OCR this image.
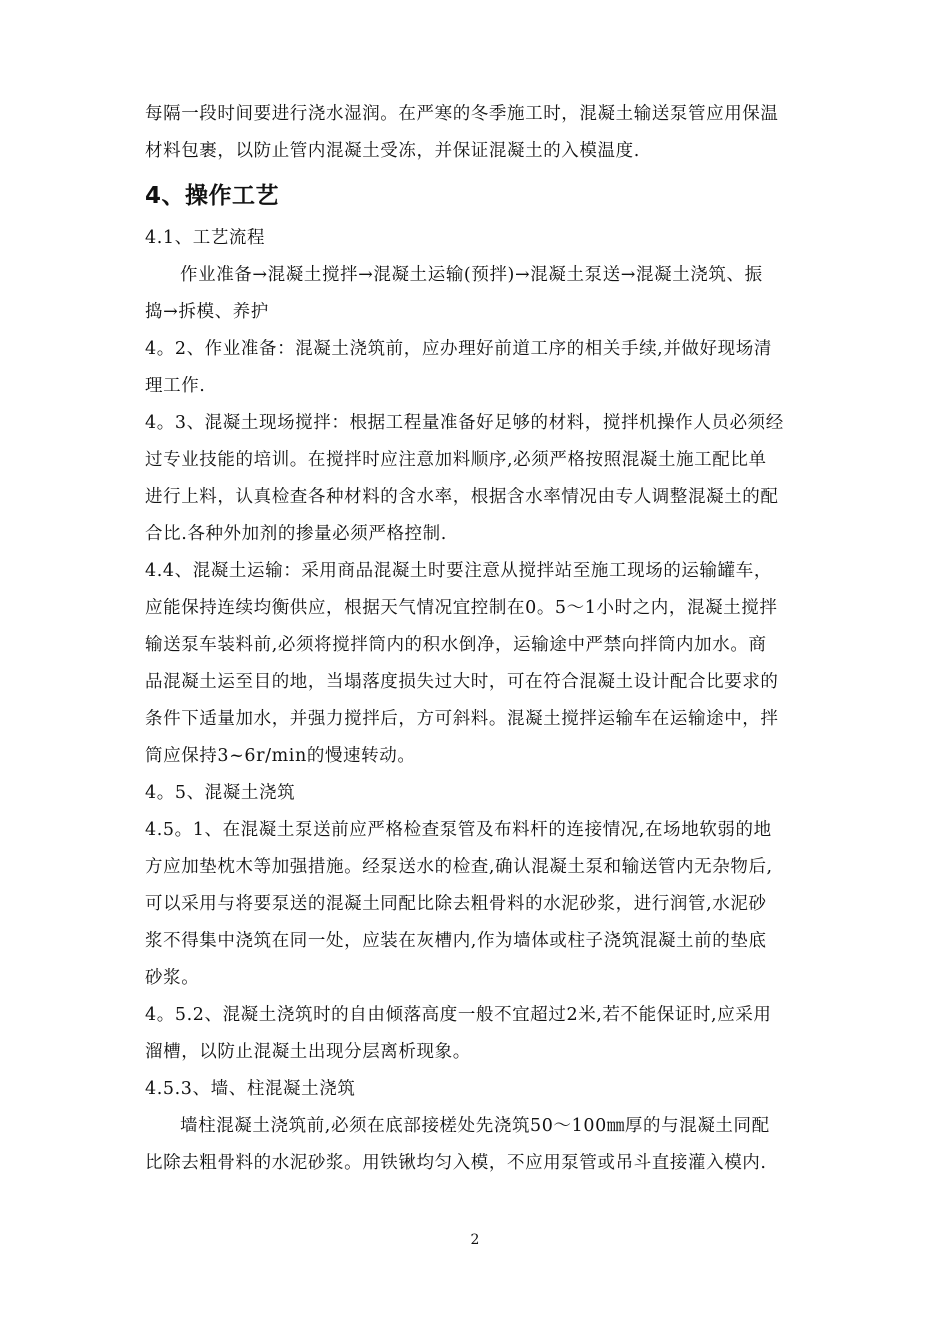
每隔一段时间要进行浇水湿润。在严寒的冬季施工时，混凝土输送泵管应用保温
材料包裹，以防止管内混凝土受冻，并保证混凝土的入模温度.
4、操作工艺
4.1、工艺流程
作业准备→混凝土搅拌→混凝土运输(预拌)→混凝土泵送→混凝土浇筑、振
捣→拆模、养护
4。2、作业准备：混凝土浇筑前，应办理好前道工序的相关手续,并做好现场清
理工作.
4。3、混凝土现场搅拌：根据工程量准备好足够的材料，搅拌机操作人员必须经
过专业技能的培训。在搅拌时应注意加料顺序,必须严格按照混凝土施工配比单
进行上料，认真检查各种材料的含水率，根据含水率情况由专人调整混凝土的配
合比.各种外加剂的掺量必须严格控制.
4.4、混凝土运输：采用商品混凝土时要注意从搅拌站至施工现场的运输罐车，
应能保持连续均衡供应，根据天气情况宜控制在0。5～1小时之内，混凝土搅拌
输送泵车装料前,必须将搅拌筒内的积水倒净，运输途中严禁向拌筒内加水。商
品混凝土运至目的地，当塌落度损失过大时，可在符合混凝土设计配合比要求的
条件下适量加水，并强力搅拌后，方可斜料。混凝土搅拌运输车在运输途中，拌
筒应保持3~6r/min的慢速转动。
4。5、混凝土浇筑
4.5。1、在混凝土泵送前应严格检查泵管及布料杆的连接情况,在场地软弱的地
方应加垫枕木等加强措施。经泵送水的检查,确认混凝土泵和输送管内无杂物后,
可以采用与将要泵送的混凝土同配比除去粗骨料的水泥砂浆，进行润管,水泥砂
浆不得集中浇筑在同一处，应装在灰槽内,作为墙体或柱子浇筑混凝土前的垫底
砂浆。
4。5.2、混凝土浇筑时的自由倾落高度一般不宜超过2米,若不能保证时,应采用
溜槽，以防止混凝土出现分层离析现象。
4.5.3、墙、柱混凝土浇筑
墙柱混凝土浇筑前,必须在底部接槎处先浇筑50～100㎜厚的与混凝土同配
比除去粗骨料的水泥砂浆。用铁锹均匀入模，不应用泵管或吊斗直接灌入模内.
2
